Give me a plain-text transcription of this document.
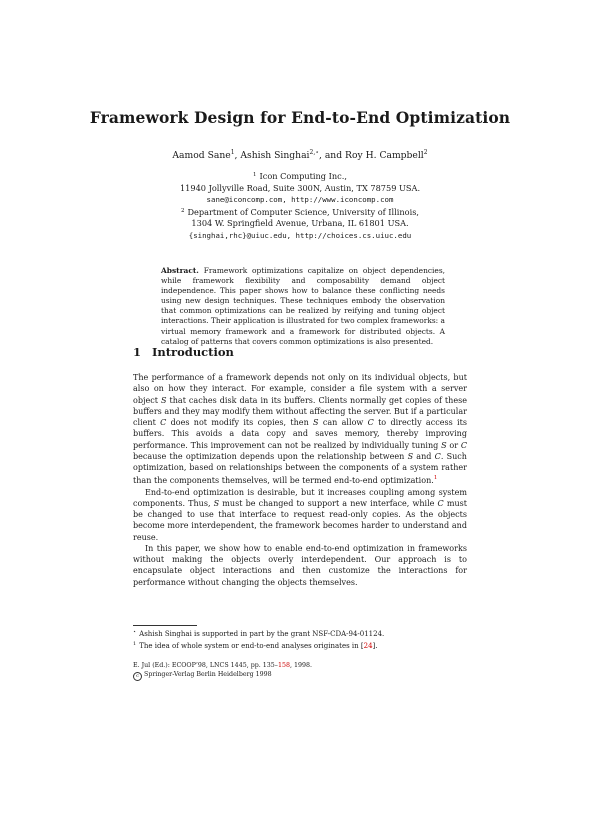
Framework Design for End-to-End Optimization
Aamod Sane$^1$, Ashish Singhai$^{2,⋆}$, and Roy H. Campbell$^2$
$^1$ Icon Computing Inc.,
11940 Jollyville Road, Suite 300N, Austin, TX 78759 USA.
sane@iconcomp.com, http://www.iconcomp.com
$^2$ Department of Computer Science, University of Illinois,
1304 W. Springfield Avenue, Urbana, IL 61801 USA.
{singhai,rhc}@uiuc.edu, http://choices.cs.uiuc.edu
Abstract. Framework optimizations capitalize on object dependencies, while framework flexibility and composability demand object independence. This paper shows how to balance these conflicting needs using new design techniques. These techniques embody the observation that common optimizations can be realized by reifying and tuning object interactions. Their application is illustrated for two complex frameworks: a virtual memory framework and a framework for distributed objects. A catalog of patterns that covers common optimizations is also presented.
1 Introduction

The performance of a framework depends not only on its individual objects, but also on how they interact. For example, consider a file system with a server object S that caches disk data in its buffers. Clients normally get copies of these buffers and they may modify them without affecting the server. But if a particular client C does not modify its copies, then S can allow C to directly access its buffers. This avoids a data copy and saves memory, thereby improving performance. This improvement can not be realized by individually tuning S or C because the optimization depends upon the relationship between S and C. Such optimization, based on relationships between the components of a system rather than the components themselves, will be termed end-to-end optimization.$^1$

End-to-end optimization is desirable, but it increases coupling among system components. Thus, S must be changed to support a new interface, while C must be changed to use that interface to request read-only copies. As the objects become more interdependent, the framework becomes harder to understand and reuse.

In this paper, we show how to enable end-to-end optimization in frameworks without making the objects overly interdependent. Our approach is to encapsulate object interactions and then customize the interactions for performance without changing the objects themselves.

⋆ Ashish Singhai is supported in part by the grant NSF-CDA-94-01124.
$^1$ The idea of whole system or end-to-end analyses originates in [24].
E. Jul (Ed.): ECOOP’98, LNCS 1445, pp. 135–158, 1998.
c Springer-Verlag Berlin Heidelberg 1998
